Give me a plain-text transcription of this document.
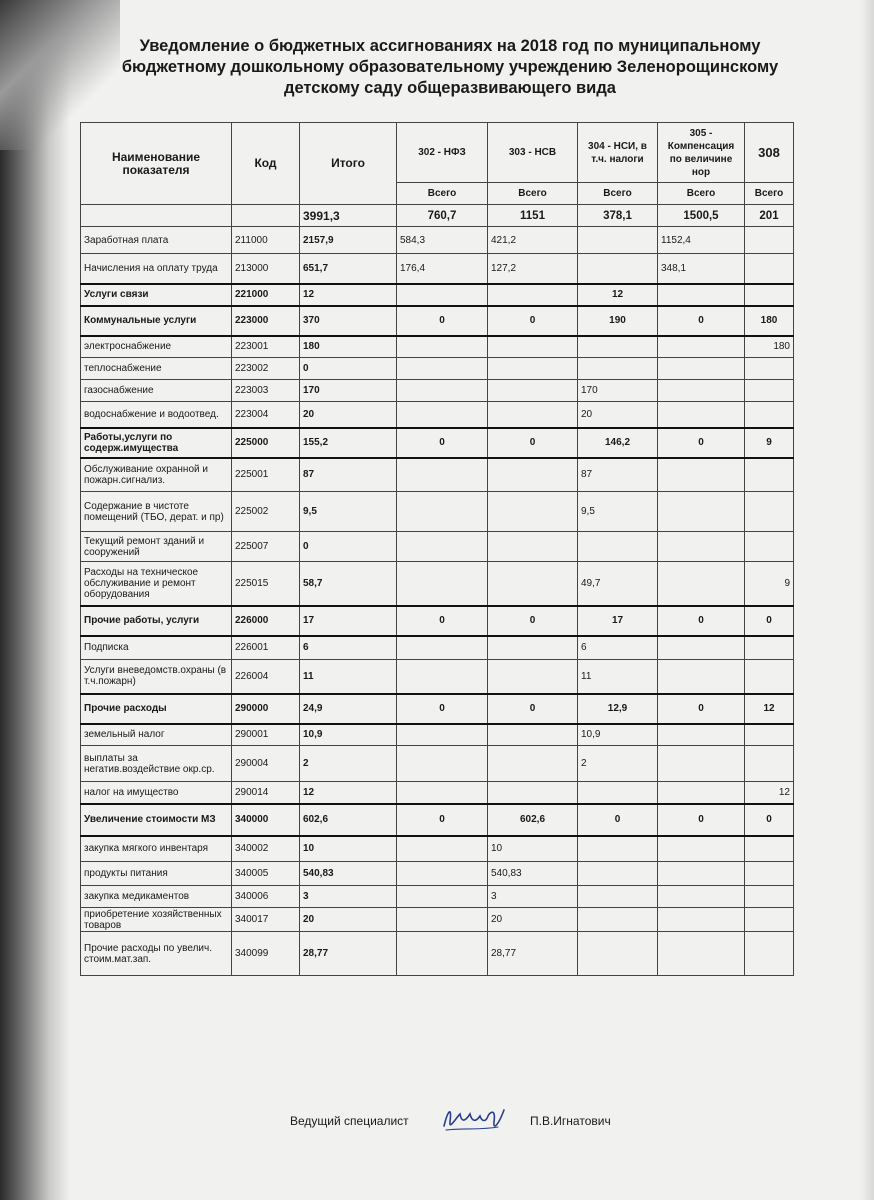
Уведомление о бюджетных ассигнованиях на 2018 год по муниципальному
бюджетному дошкольному образовательному учреждению Зеленорощинскому
детскому саду общеразвивающего вида
Наименование показателя	Код	Итого	302 - НФЗ	303 - НСВ	304 - НСИ, в т.ч. налоги	305 - Компенсация по величине нор	308
			Всего	Всего	Всего	Всего	Всего
		3991,3	760,7	1151	378,1	1500,5	201
Заработная плата	211000	2157,9	584,3	421,2		1152,4	
Начисления на оплату труда	213000	651,7	176,4	127,2		348,1	
Услуги связи	221000	12			12		
Коммунальные услуги	223000	370	0	0	190	0	180
электроснабжение	223001	180					180
теплоснабжение	223002	0					
газоснабжение	223003	170			170		
водоснабжение и водоотвед.	223004	20			20		
Работы,услуги по содерж.имущества	225000	155,2	0	0	146,2	0	9
Обслуживание охранной и пожарн.сигнализ.	225001	87			87		
Содержание в чистоте помещений (ТБО, дерат. и пр)	225002	9,5			9,5		
Текущий ремонт зданий и сооружений	225007	0					
Расходы на техническое обслуживание и ремонт оборудования	225015	58,7			49,7		9
Прочие работы, услуги	226000	17	0	0	17	0	0
Подписка	226001	6			6		
Услуги вневедомств.охраны (в т.ч.пожарн)	226004	11			11		
Прочие расходы	290000	24,9	0	0	12,9	0	12
земельный налог	290001	10,9			10,9		
выплаты за негатив.воздействие окр.ср.	290004	2			2		
налог на имущество	290014	12					12
Увеличение стоимости МЗ	340000	602,6	0	602,6	0	0	0
закупка мягкого инвентаря	340002	10		10			
продукты питания	340005	540,83		540,83			
закупка медикаментов	340006	3		3			
приобретение хозяйственных товаров	340017	20		20			
Прочие расходы по увелич. стоим.мат.зап.	340099	28,77		28,77			
Ведущий специалист	П.В.Игнатович
